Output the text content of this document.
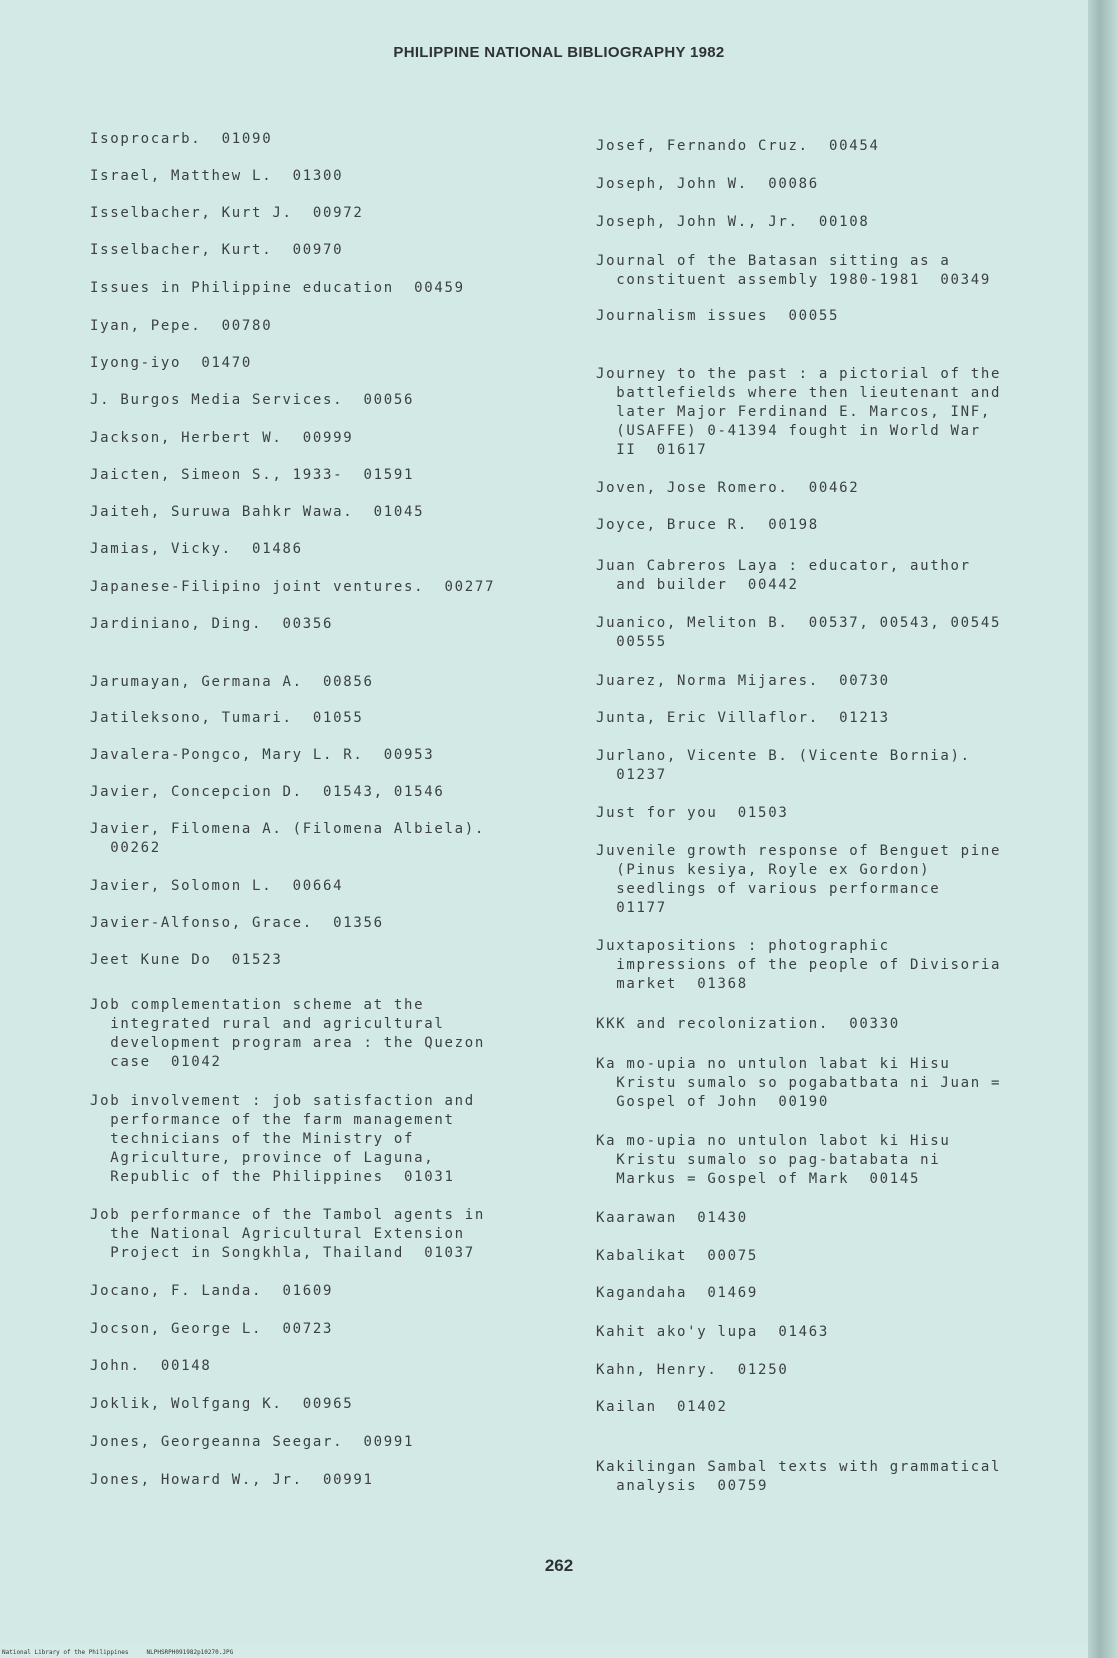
PHILIPPINE NATIONAL BIBLIOGRAPHY 1982
Isoprocarb.  01090
Israel, Matthew L.  01300
Isselbacher, Kurt J.  00972
Isselbacher, Kurt.  00970
Issues in Philippine education  00459
Iyan, Pepe.  00780
Iyong-iyo  01470
J. Burgos Media Services.  00056
Jackson, Herbert W.  00999
Jaicten, Simeon S., 1933-  01591
Jaiteh, Suruwa Bahkr Wawa.  01045
Jamias, Vicky.  01486
Japanese-Filipino joint ventures.  00277
Jardiniano, Ding.  00356
Jarumayan, Germana A.  00856
Jatileksono, Tumari.  01055
Javalera-Pongco, Mary L. R.  00953
Javier, Concepcion D.  01543, 01546
Javier, Filomena A. (Filomena Albiela).
00262
Javier, Solomon L.  00664
Javier-Alfonso, Grace.  01356
Jeet Kune Do  01523
Job complementation scheme at the
integrated rural and agricultural
development program area : the Quezon
case  01042
Job involvement : job satisfaction and
performance of the farm management
technicians of the Ministry of
Agriculture, province of Laguna,
Republic of the Philippines  01031
Job performance of the Tambol agents in
the National Agricultural Extension
Project in Songkhla, Thailand  01037
Jocano, F. Landa.  01609
Jocson, George L.  00723
John.  00148
Joklik, Wolfgang K.  00965
Jones, Georgeanna Seegar.  00991
Jones, Howard W., Jr.  00991
Josef, Fernando Cruz.  00454
Joseph, John W.  00086
Joseph, John W., Jr.  00108
Journal of the Batasan sitting as a
constituent assembly 1980-1981  00349
Journalism issues  00055
Journey to the past : a pictorial of the
battlefields where then lieutenant and
later Major Ferdinand E. Marcos, INF,
(USAFFE) 0-41394 fought in World War
II  01617
Joven, Jose Romero.  00462
Joyce, Bruce R.  00198
Juan Cabreros Laya : educator, author
and builder  00442
Juanico, Meliton B.  00537, 00543, 00545
00555
Juarez, Norma Mijares.  00730
Junta, Eric Villaflor.  01213
Jurlano, Vicente B. (Vicente Bornia).
01237
Just for you  01503
Juvenile growth response of Benguet pine
(Pinus kesiya, Royle ex Gordon)
seedlings of various performance
01177
Juxtapositions : photographic
impressions of the people of Divisoria
market  01368
KKK and recolonization.  00330
Ka mo-upia no untulon labat ki Hisu
Kristu sumalo so pogabatbata ni Juan =
Gospel of John  00190
Ka mo-upia no untulon labot ki Hisu
Kristu sumalo so pag-batabata ni
Markus = Gospel of Mark  00145
Kaarawan  01430
Kabalikat  00075
Kagandaha  01469
Kahit ako'y lupa  01463
Kahn, Henry.  01250
Kailan  01402
Kakilingan Sambal texts with grammatical
analysis  00759
262
National Library of the Philippines     NLPHSRPH091982p10270.JPG
